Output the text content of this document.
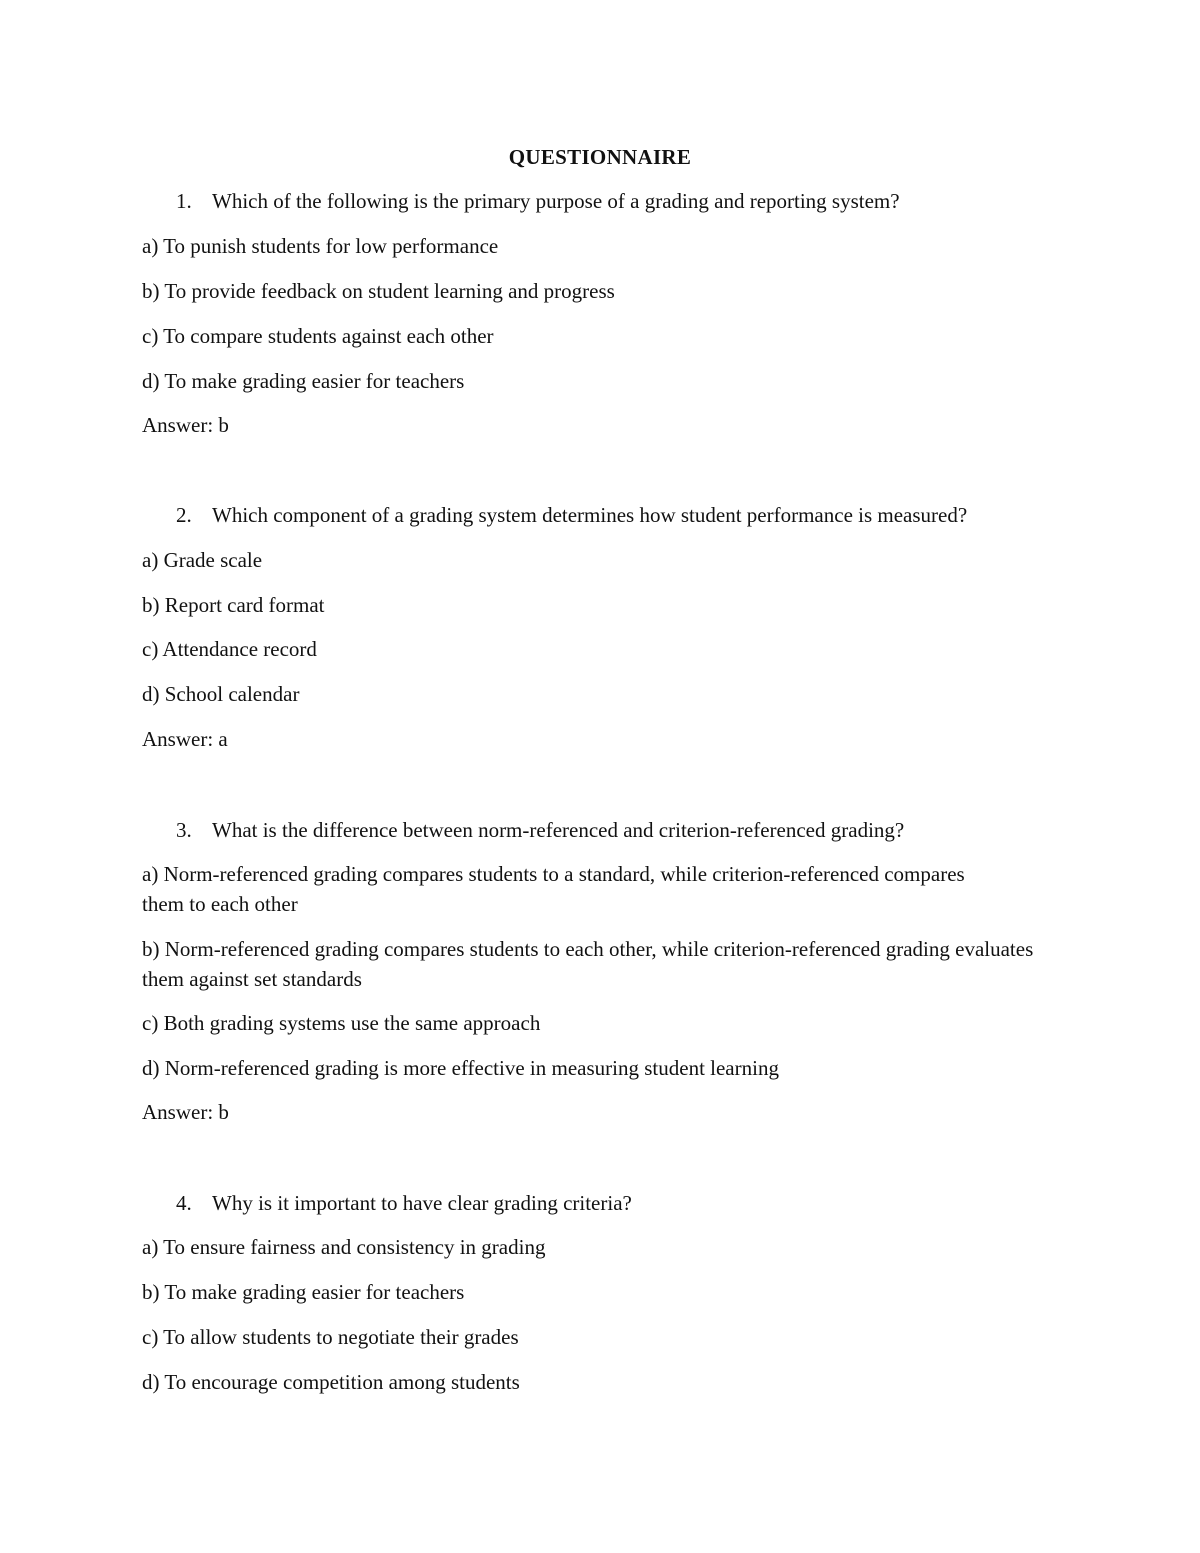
QUESTIONNAIRE
1. Which of the following is the primary purpose of a grading and reporting system?
a) To punish students for low performance
b) To provide feedback on student learning and progress
c) To compare students against each other
d) To make grading easier for teachers
Answer: b
2. Which component of a grading system determines how student performance is measured?
a) Grade scale
b) Report card format
c) Attendance record
d) School calendar
Answer: a
3. What is the difference between norm-referenced and criterion-referenced grading?
a) Norm-referenced grading compares students to a standard, while criterion-referenced compares them to each other
b) Norm-referenced grading compares students to each other, while criterion-referenced grading evaluates them against set standards
c) Both grading systems use the same approach
d) Norm-referenced grading is more effective in measuring student learning
Answer: b
4. Why is it important to have clear grading criteria?
a) To ensure fairness and consistency in grading
b) To make grading easier for teachers
c) To allow students to negotiate their grades
d) To encourage competition among students
